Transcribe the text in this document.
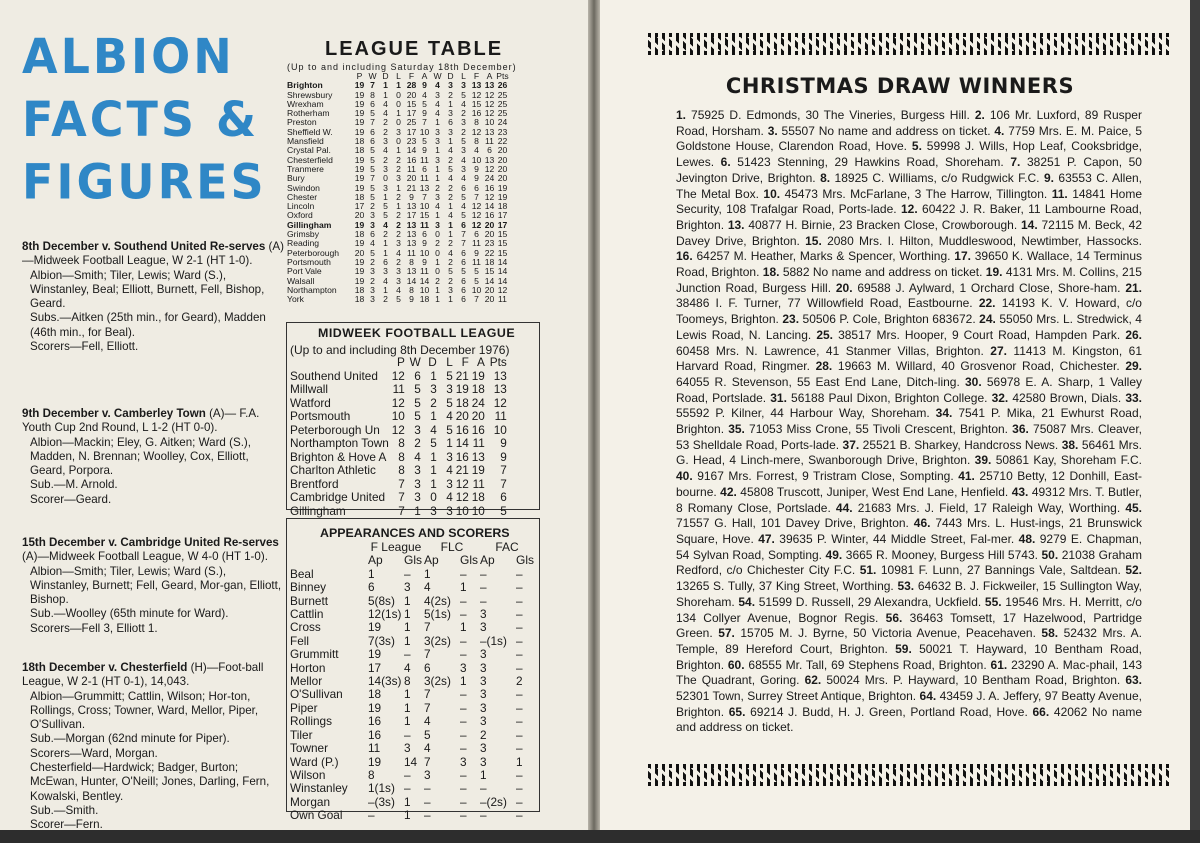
ALBION
FACTS &
FIGURES

8th December v. Southend United Re-serves (A)—Midweek Football League, W 2-1 (HT 1-0).

Albion—Smith; Tiler, Lewis; Ward (S.), Winstanley, Beal; Elliott, Burnett, Fell, Bishop, Geard.

Subs.—Aitken (25th min., for Geard), Madden (46th min., for Beal).

Scorers—Fell, Elliott.

9th December v. Camberley Town (A)— F.A. Youth Cup 2nd Round, L 1-2 (HT 0-0).

Albion—Mackin; Eley, G. Aitken; Ward (S.), Madden, N. Brennan; Woolley, Cox, Elliott, Geard, Porpora.

Sub.—M. Arnold.

Scorer—Geard.

15th December v. Cambridge United Re-serves (A)—Midweek Football League, W 4-0 (HT 1-0).

Albion—Smith; Tiler, Lewis; Ward (S.), Winstanley, Burnett; Fell, Geard, Mor-gan, Elliott, Bishop.

Sub.—Woolley (65th minute for Ward).

Scorers—Fell 3, Elliott 1.

18th December v. Chesterfield (H)—Foot-ball League, W 2-1 (HT 0-1), 14,043.

Albion—Grummitt; Cattlin, Wilson; Hor-ton, Rollings, Cross; Towner, Ward, Mellor, Piper, O'Sullivan.

Sub.—Morgan (62nd minute for Piper).

Scorers—Ward, Morgan.

Chesterfield—Hardwick; Badger, Burton; McEwan, Hunter, O'Neill; Jones, Darling, Fern, Kowalski, Bentley.

Sub.—Smith.

Scorer—Fern.

LEAGUE TABLE
(Up to and including Saturday 18th December)
	P	W	D	L	F	A	W	D	L	F	A	Pts
Brighton	19	7	1	1	28	9	4	3	3	13	13	26
Shrewsbury	19	8	1	0	20	4	3	2	5	12	12	25
Wrexham	19	6	4	0	15	5	4	1	4	15	12	25
Rotherham	19	5	4	1	17	9	4	3	2	16	12	25
Preston	19	7	2	0	25	7	1	6	3	8	10	24
Sheffield W.	19	6	2	3	17	10	3	3	2	12	13	23
Mansfield	18	6	3	0	23	5	3	1	5	8	11	22
Crystal Pal.	18	5	4	1	14	9	1	4	3	4	6	20
Chesterfield	19	5	2	2	16	11	3	2	4	10	13	20
Tranmere	19	5	3	2	11	6	1	5	3	9	12	20
Bury	19	7	0	3	20	11	1	4	4	9	24	20
Swindon	19	5	3	1	21	13	2	2	6	6	16	19
Chester	18	5	1	2	9	7	3	2	5	7	12	19
Lincoln	17	2	5	1	13	10	4	1	4	12	14	18
Oxford	20	3	5	2	17	15	1	4	5	12	16	17
Gillingham	19	3	4	2	13	11	3	1	6	12	20	17
Grimsby	18	6	2	2	13	6	0	1	7	6	20	15
Reading	19	4	1	3	13	9	2	2	7	11	23	15
Peterborough	20	5	1	4	11	10	0	4	6	9	22	15
Portsmouth	19	2	6	2	8	9	1	2	6	11	18	14
Port Vale	19	3	3	3	13	11	0	5	5	5	15	14
Walsall	19	2	4	3	14	14	2	2	6	5	14	14
Northampton	18	3	1	4	8	10	1	3	6	10	20	12
York	18	3	2	5	9	18	1	1	6	7	20	11
MIDWEEK FOOTBALL LEAGUE
(Up to and including 8th December 1976)
	P	W	D	L	F	A	Pts
Southend United	12	6	1	5	21	19	13
Millwall	11	5	3	3	19	18	13
Watford	12	5	2	5	18	24	12
Portsmouth	10	5	1	4	20	20	11
Peterborough Un	12	3	4	5	16	16	10
Northampton Town	8	2	5	1	14	11	9
Brighton & Hove A	8	4	1	3	16	13	9
Charlton Athletic	8	3	1	4	21	19	7
Brentford	7	3	1	3	12	11	7
Cambridge United	7	3	0	4	12	18	6
Gillingham	7	1	3	3	10	10	5
APPEARANCES AND SCORERS
	F League		FLC		FAC	
	Ap	Gls	Ap	Gls	Ap	Gls
Beal	1	–	1	–	–	–
Binney	6	3	4	1	–	–
Burnett	5(8s)	1	4(2s)	–	–	–
Cattlin	12(1s)	1	5(1s)	–	3	–
Cross	19	1	7	1	3	–
Fell	7(3s)	1	3(2s)	–	–(1s)	–
Grummitt	19	–	7	–	3	–
Horton	17	4	6	3	3	–
Mellor	14(3s)	8	3(2s)	1	3	2
O'Sullivan	18	1	7	–	3	–
Piper	19	1	7	–	3	–
Rollings	16	1	4	–	3	–
Tiler	16	–	5	–	2	–
Towner	11	3	4	–	3	–
Ward (P.)	19	14	7	3	3	1
Wilson	8	–	3	–	1	–
Winstanley	1(1s)	–	–	–	–	–
Morgan	–(3s)	1	–	–	–(2s)	–
Own Goal	–	1	–	–	–	–
CHRISTMAS DRAW WINNERS
1. 75925 D. Edmonds, 30 The Vineries, Burgess Hill. 2. 106 Mr. Luxford, 89 Rusper Road, Horsham. 3. 55507 No name and address on ticket. 4. 7759 Mrs. E. M. Paice, 5 Goldstone House, Clarendon Road, Hove. 5. 59998 J. Wills, Hop Leaf, Cooksbridge, Lewes. 6. 51423 Stenning, 29 Hawkins Road, Shoreham. 7. 38251 P. Capon, 50 Jevington Drive, Brighton. 8. 18925 C. Williams, c/o Rudgwick F.C. 9. 63553 C. Allen, The Metal Box. 10. 45473 Mrs. McFarlane, 3 The Harrow, Tillington. 11. 14841 Home Security, 108 Trafalgar Road, Ports-lade. 12. 60422 J. R. Baker, 11 Lambourne Road, Brighton. 13. 40877 H. Birnie, 23 Bracken Close, Crowborough. 14. 72115 M. Beck, 42 Davey Drive, Brighton. 15. 2080 Mrs. I. Hilton, Muddleswood, Newtimber, Hassocks. 16. 64257 M. Heather, Marks & Spencer, Worthing. 17. 39650 K. Wallace, 14 Terminus Road, Brighton. 18. 5882 No name and address on ticket. 19. 4131 Mrs. M. Collins, 215 Junction Road, Burgess Hill. 20. 69588 J. Aylward, 1 Orchard Close, Shore-ham. 21. 38486 I. F. Turner, 77 Willowfield Road, Eastbourne. 22. 14193 K. V. Howard, c/o Toomeys, Brighton. 23. 50506 P. Cole, Brighton 683672. 24. 55050 Mrs. L. Stredwick, 4 Lewis Road, N. Lancing. 25. 38517 Mrs. Hooper, 9 Court Road, Hampden Park. 26. 60458 Mrs. N. Lawrence, 41 Stanmer Villas, Brighton. 27. 11413 M. Kingston, 61 Harvard Road, Ringmer. 28. 19663 M. Willard, 40 Grosvenor Road, Chichester. 29. 64055 R. Stevenson, 55 East End Lane, Ditch-ling. 30. 56978 E. A. Sharp, 1 Valley Road, Portslade. 31. 56188 Paul Dixon, Brighton College. 32. 42580 Brown, Dials. 33. 55592 P. Kilner, 44 Harbour Way, Shoreham. 34. 7541 P. Mika, 21 Ewhurst Road, Brighton. 35. 71053 Miss Crone, 55 Tivoli Crescent, Brighton. 36. 75087 Mrs. Cleaver, 53 Shelldale Road, Ports-lade. 37. 25521 B. Sharkey, Handcross News. 38. 56461 Mrs. G. Head, 4 Linch-mere, Swanborough Drive, Brighton. 39. 50861 Kay, Shoreham F.C. 40. 9167 Mrs. Forrest, 9 Tristram Close, Sompting. 41. 25710 Betty, 12 Donhill, East-bourne. 42. 45808 Truscott, Juniper, West End Lane, Henfield. 43. 49312 Mrs. T. Butler, 8 Romany Close, Portslade. 44. 21683 Mrs. J. Field, 17 Raleigh Way, Worthing. 45. 71557 G. Hall, 101 Davey Drive, Brighton. 46. 7443 Mrs. L. Hust-ings, 21 Brunswick Square, Hove. 47. 39635 P. Winter, 44 Middle Street, Fal-mer. 48. 9279 E. Chapman, 54 Sylvan Road, Sompting. 49. 3665 R. Mooney, Burgess Hill 5743. 50. 21038 Graham Redford, c/o Chichester City F.C. 51. 10981 F. Lunn, 27 Bannings Vale, Saltdean. 52. 13265 S. Tully, 37 King Street, Worthing. 53. 64632 B. J. Fickweiler, 15 Sullington Way, Shoreham. 54. 51599 D. Russell, 29 Alexandra, Uckfield. 55. 19546 Mrs. H. Merritt, c/o 134 Collyer Avenue, Bognor Regis. 56. 36463 Tomsett, 17 Hazelwood, Partridge Green. 57. 15705 M. J. Byrne, 50 Victoria Avenue, Peacehaven. 58. 52432 Mrs. A. Temple, 89 Hereford Court, Brighton. 59. 50021 T. Hayward, 10 Bentham Road, Brighton. 60. 68555 Mr. Tall, 69 Stephens Road, Brighton. 61. 23290 A. Mac-phail, 143 The Quadrant, Goring. 62. 50024 Mrs. P. Hayward, 10 Bentham Road, Brighton. 63. 52301 Town, Surrey Street Antique, Brighton. 64. 43459 J. A. Jeffery, 97 Beatty Avenue, Brighton. 65. 69214 J. Budd, H. J. Green, Portland Road, Hove. 66. 42062 No name and address on ticket.
